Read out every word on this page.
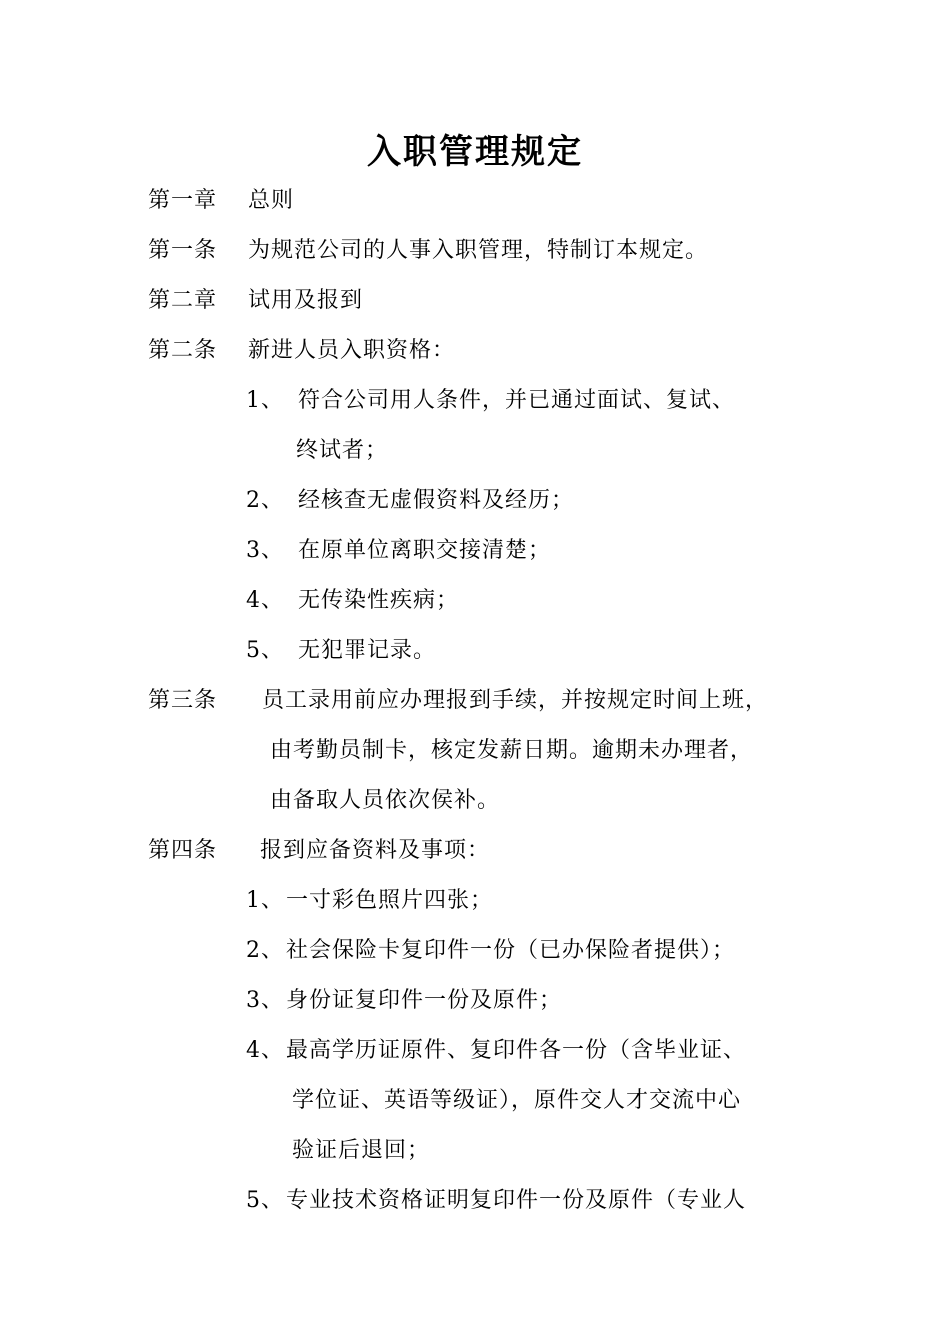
入职管理规定
第一章 总则
第一条 为规范公司的人事入职管理，特制订本规定。
第二章 试用及报到
第二条 新进人员入职资格：
1、 符合公司用人条件，并已通过面试、复试、
终试者；
2、 经核查无虚假资料及经历；
3、 在原单位离职交接清楚；
4、 无传染性疾病；
5、 无犯罪记录。
第三条 员工录用前应办理报到手续，并按规定时间上班，
由考勤员制卡，核定发薪日期。逾期未办理者，
由备取人员依次侯补。
第四条 报到应备资料及事项：
1、 一寸彩色照片四张；
2、 社会保险卡复印件一份（已办保险者提供）；
3、 身份证复印件一份及原件；
4、 最高学历证原件、复印件各一份（含毕业证、
学位证、英语等级证），原件交人才交流中心
验证后退回；
5、 专业技术资格证明复印件一份及原件（专业人
